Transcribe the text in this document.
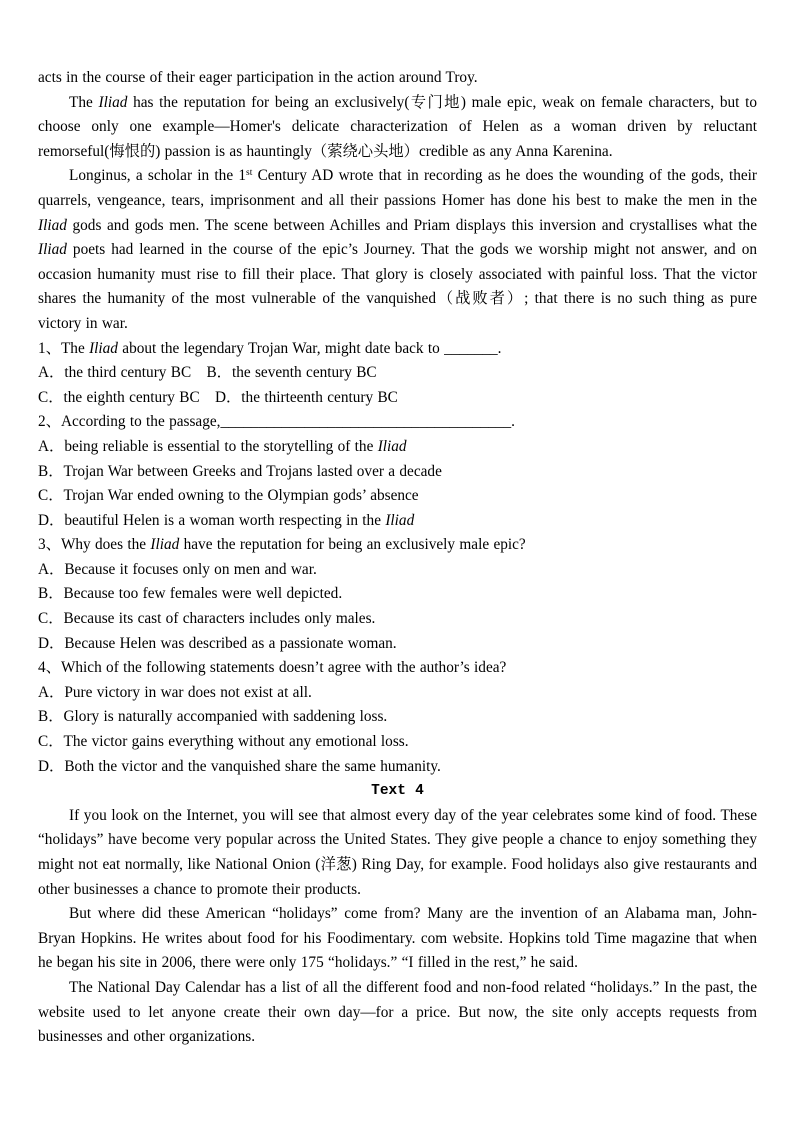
acts in the course of their eager participation in the action around Troy.

The Iliad has the reputation for being an exclusively(专门地) male epic, weak on female characters, but to choose only one example—Homer's delicate characterization of Helen as a woman driven by reluctant remorseful(悔恨的) passion is as hauntingly（萦绕心头地）credible as any Anna Karenina.

Longinus, a scholar in the 1st Century AD wrote that in recording as he does the wounding of the gods, their quarrels, vengeance, tears, imprisonment and all their passions Homer has done his best to make the men in the Iliad gods and gods men. The scene between Achilles and Priam displays this inversion and crystallises what the Iliad poets had learned in the course of the epic’s Journey. That the gods we worship might not answer, and on occasion humanity must rise to fill their place. That glory is closely associated with painful loss. That the victor shares the humanity of the most vulnerable of the vanquished（战败者）; that there is no such thing as pure victory in war.

1、The Iliad about the legendary Trojan War, might date back to _______.

A．the third century BC　B．the seventh century BC

C．the eighth century BC　D．the thirteenth century BC

2、According to the passage,______________________________________.

A．being reliable is essential to the storytelling of the Iliad

B．Trojan War between Greeks and Trojans lasted over a decade

C．Trojan War ended owning to the Olympian gods’ absence

D．beautiful Helen is a woman worth respecting in the Iliad

3、Why does the Iliad have the reputation for being an exclusively male epic?

A．Because it focuses only on men and war.

B．Because too few females were well depicted.

C．Because its cast of characters includes only males.

D．Because Helen was described as a passionate woman.

4、Which of the following statements doesn’t agree with the author’s idea?

A．Pure victory in war does not exist at all.

B．Glory is naturally accompanied with saddening loss.

C．The victor gains everything without any emotional loss.

D．Both the victor and the vanquished share the same humanity.

Text 4

If you look on the Internet, you will see that almost every day of the year celebrates some kind of food. These “holidays” have become very popular across the United States. They give people a chance to enjoy something they might not eat normally, like National Onion (洋葱) Ring Day, for example. Food holidays also give restaurants and other businesses a chance to promote their products.

But where did these American “holidays” come from? Many are the invention of an Alabama man, John-Bryan Hopkins. He writes about food for his Foodimentary. com website. Hopkins told Time magazine that when he began his site in 2006, there were only 175 “holidays.” “I filled in the rest,” he said.

The National Day Calendar has a list of all the different food and non-food related “holidays.” In the past, the website used to let anyone create their own day—for a price. But now, the site only accepts requests from businesses and other organizations.
